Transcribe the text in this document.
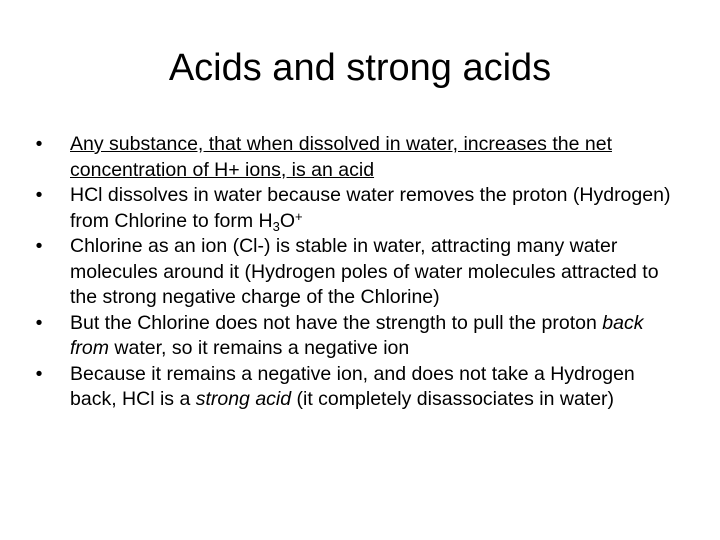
Acids and strong acids
• Any substance, that when dissolved in water, increases the net concentration of H+ ions, is an acid
• HCl dissolves in water because water removes the proton (Hydrogen) from Chlorine to form $H_3O^+$
• Chlorine as an ion (Cl-) is stable in water, attracting many water molecules around it (Hydrogen poles of water molecules attracted to the strong negative charge of the Chlorine)
• But the Chlorine does not have the strength to pull the proton back from water, so it remains a negative ion
• Because it remains a negative ion, and does not take a Hydrogen back, HCl is a strong acid (it completely disassociates in water)
